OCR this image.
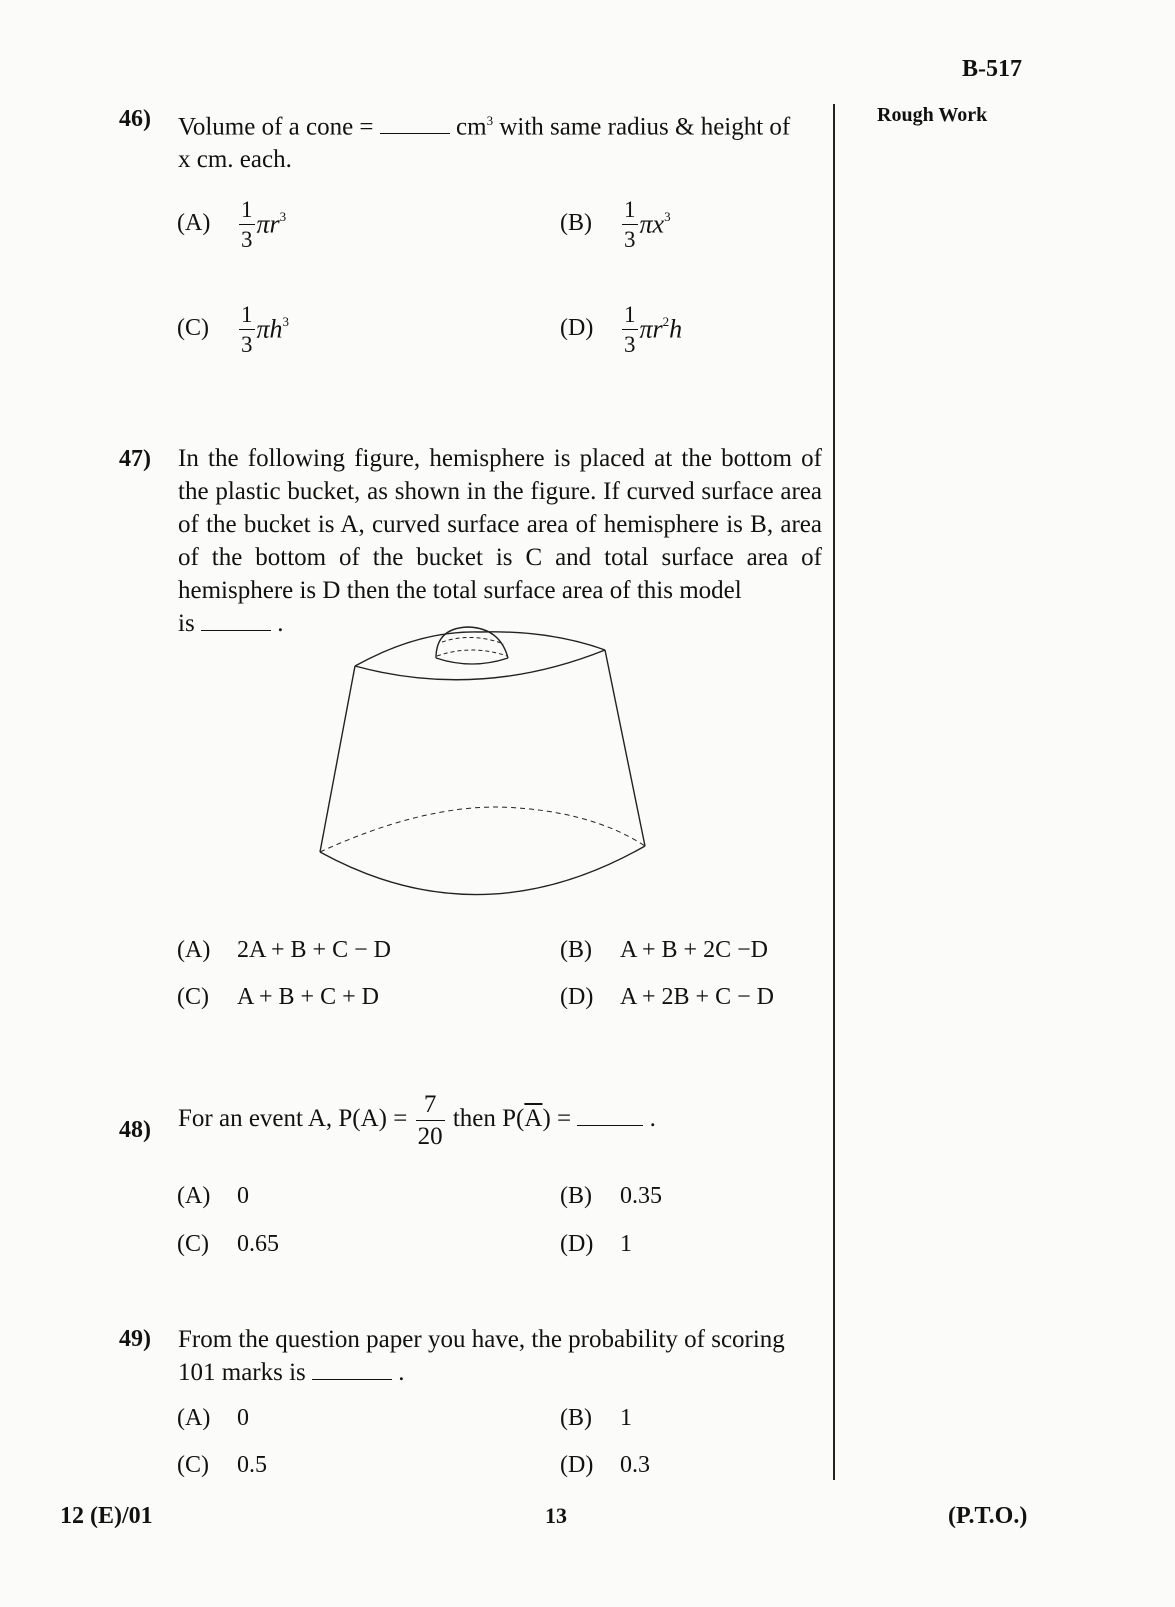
B-517
Rough Work
46) Volume of a cone =	$cm^3$ with same radius & height of
x cm. each.
$(A) \frac{1}{3} \pi r^3$	$(B) \frac{1}{3} \pi x^3$
$(C) \frac{1}{3} \pi h^3$	$(D) \frac{1}{3} \pi r^2h$
47) In the following figure, hemisphere is placed at the bottom of the plastic bucket, as shown in the figure. If curved surface area of the bucket is A, curved surface area of hemisphere is B, area of the bottom of the bucket is C and total surface area of hemisphere is D then the total surface area of this model
is	.
(A) 2A + B + C − D	(B) A + B + 2C −D
(C) A + B + C + D	(D) A + 2B + C − D
48) For an event A, $P(A) = \frac{7}{20}$ then $P(\overline{A})$ =	.
(A) 0	(B) 0.35
(C) 0.65	(D) 1
49) From the question paper you have, the probability of scoring
101 marks is	.
(A) 0	(B) 1
(C) 0.5	(D) 0.3
12 (E)/01	13	(P.T.O.)
